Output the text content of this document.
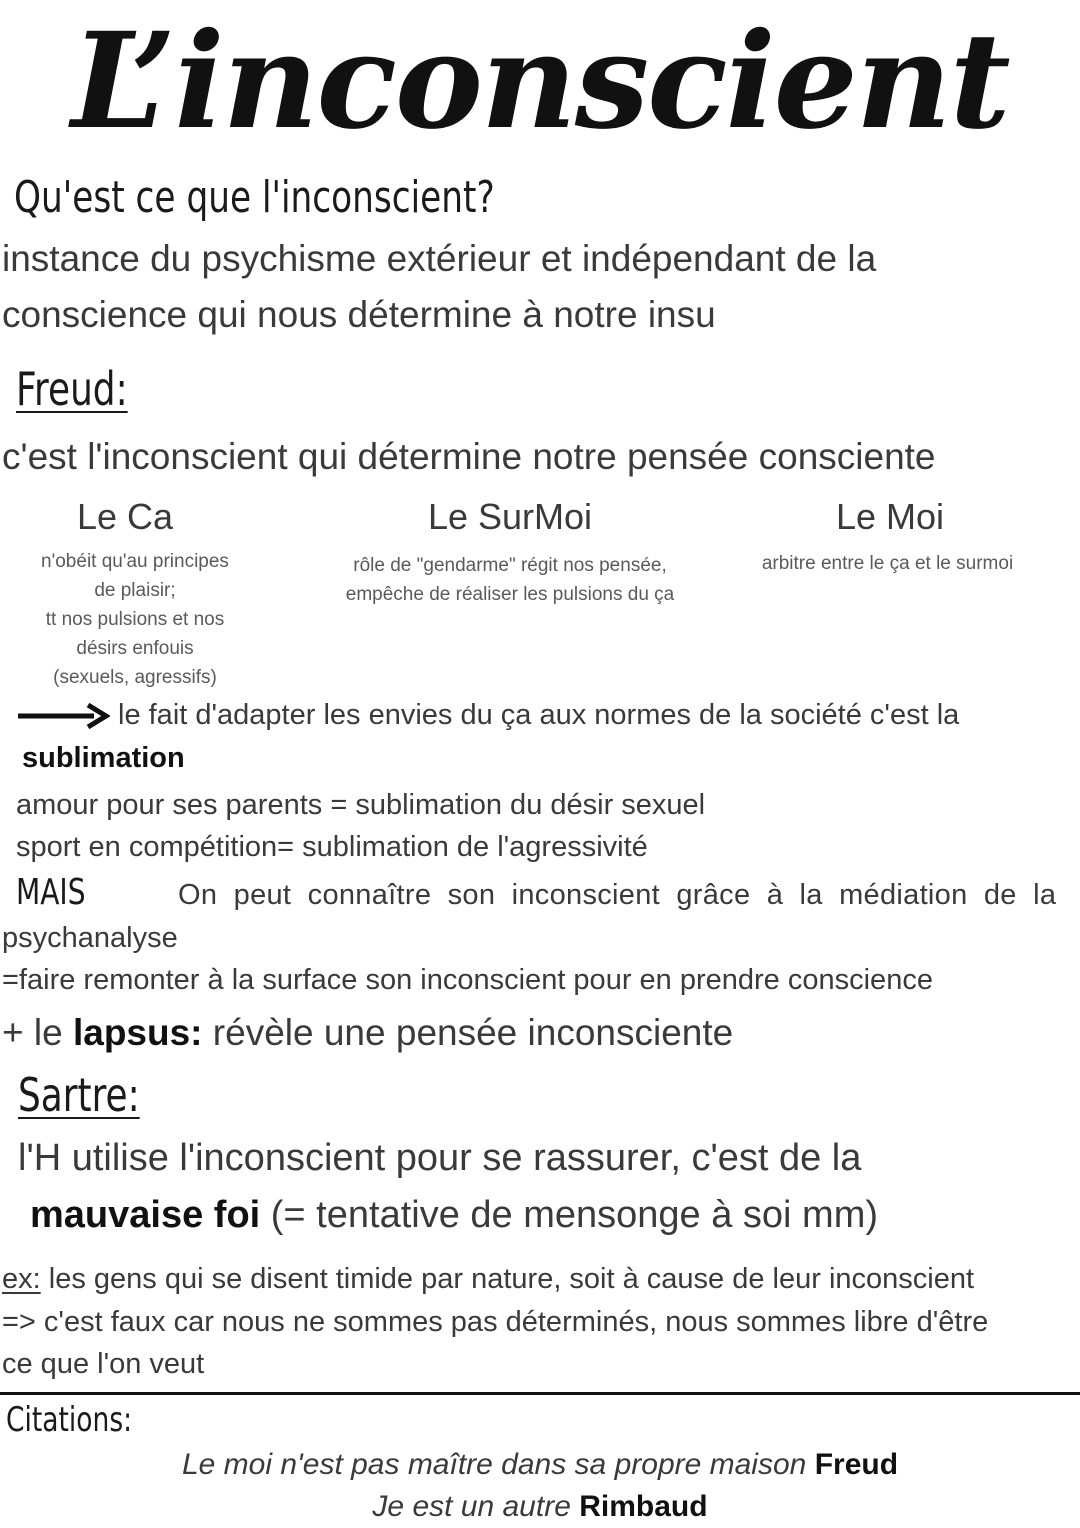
L’inconscient
Qu'est ce que l'inconscient?
instance du psychisme extérieur et indépendant de la
conscience qui nous détermine à notre insu
Freud:
c'est l'inconscient qui détermine notre pensée consciente
Le Ca
n'obéit qu'au principes
de plaisir;
tt nos pulsions et nos
désirs enfouis
(sexuels, agressifs)
Le SurMoi
rôle de "gendarme" régit nos pensée,
empêche de réaliser les pulsions du ça
Le Moi
arbitre entre le ça et le surmoi
le fait d'adapter les envies du ça aux normes de la société c'est la
sublimation
amour pour ses parents = sublimation du désir sexuel
sport en compétition= sublimation de l'agressivité
MAIS	On peut connaître son inconscient grâce à la médiation de la
psychanalyse
=faire remonter à la surface son inconscient pour en prendre conscience
+ le lapsus: révèle une pensée inconsciente
Sartre:
l'H utilise l'inconscient pour se rassurer, c'est de la
mauvaise foi (= tentative de mensonge à soi mm)
ex: les gens qui se disent timide par nature, soit à cause de leur inconscient
=> c'est faux car nous ne sommes pas déterminés, nous sommes libre d'être
ce que l'on veut
Citations:
Le moi n'est pas maître dans sa propre maison Freud
Je est un autre Rimbaud
